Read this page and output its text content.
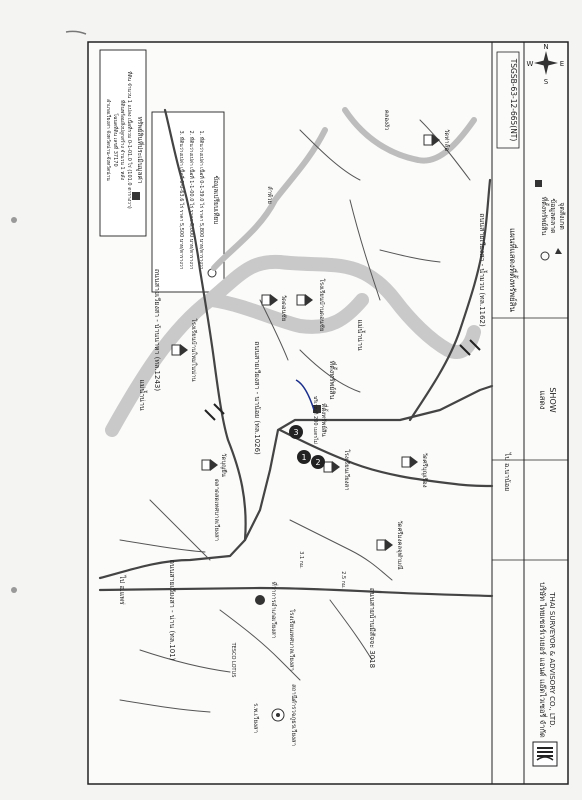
N
S
E
W
TSGSB-63-12-665(NT)
แสดง SHOW
แผนที่แสดงที่ตั้งทรัพย์สิน
ที่ตั้งทรัพย์สิน ข้อมูลตลาด จุดสังเกต
บริษัท ไทยเซอร์เวเยอร์ แอนด์ แอ๊ดไวเซอรี่ จำกัด THAI SURVEYOR & ADVISORY CO., LTD.
ทรัพย์สินที่ประเมินมูลค่า
ที่ดิน จำนวน 1 แปลง เนื้อที่รวม 0-1-01.0 ไร่ (101.0 ตารางวา)
ที่ดินพร้อมสิ่งปลูกสร้าง จำนวน 1 หลัง
โฉนดที่ดิน เลขที่ 37170
อำเภอเวียงสา จังหวัดน่าน-จังหวัดน่าน
ข้อมูลเปรียบเทียบ
1. ที่ดินว่างเปล่า เนื้อที่ 0-1-39.0 ไร่ ราคา 5,800 บาท/ตารางวา
2. ที่ดินว่างเปล่า เนื้อที่ 1-1-00.0 ไร่ ราคา 5,000 บาท/ตารางวา
3. ที่ดินว่างเปล่า เนื้อที่ 0-0-63.6 ไร่ ราคา 5,500 บาท/ตารางวา
ที่ตั้งทรัพย์สิน
ที่ตั้งทรัพย์สิน
บริเวณที่ 200 เมตรไม่
1
2
3
ถนนสายเวียงสา - บ้านนาหา (ทล.1243)
ถนนสายเวียงสา - นาน้อย (ทล.1026)
ถนนสายเวียงสา - น้ำมวบ (ทล.1162)
ถนนสายเวียงสา - น่าน (ทล.101)	ถนนสายบ้านมีสัจจะ 3018
ไป อ.นาน้อย
ไป อ.แพร่
แม่น้ำน่าน
แม่น้ำน่าน
คลองงัว
ลำห้วย
โรงเรียนบ้านใหม่ในน่าน
โรงเรียนบ้านดอนชัย
วัดดอนชัย
วัดบุญยืน	โรงเรียนเวียงสา	วัดศรีบุญเรือง
วัดศรีมงคลจุฬามณี
วัดท่าล้อ
สถานีตำรวจภูธรเวียงสา
ที่ว่าการอำเภอเวียงสา
ตลาดสดเทศบาลเวียงสา
TESCO LOTUS
ร.พ.เวียงสา
โรงเรียนเทศบาลเวียงสา
3.1 กม.
2.5 กม.
